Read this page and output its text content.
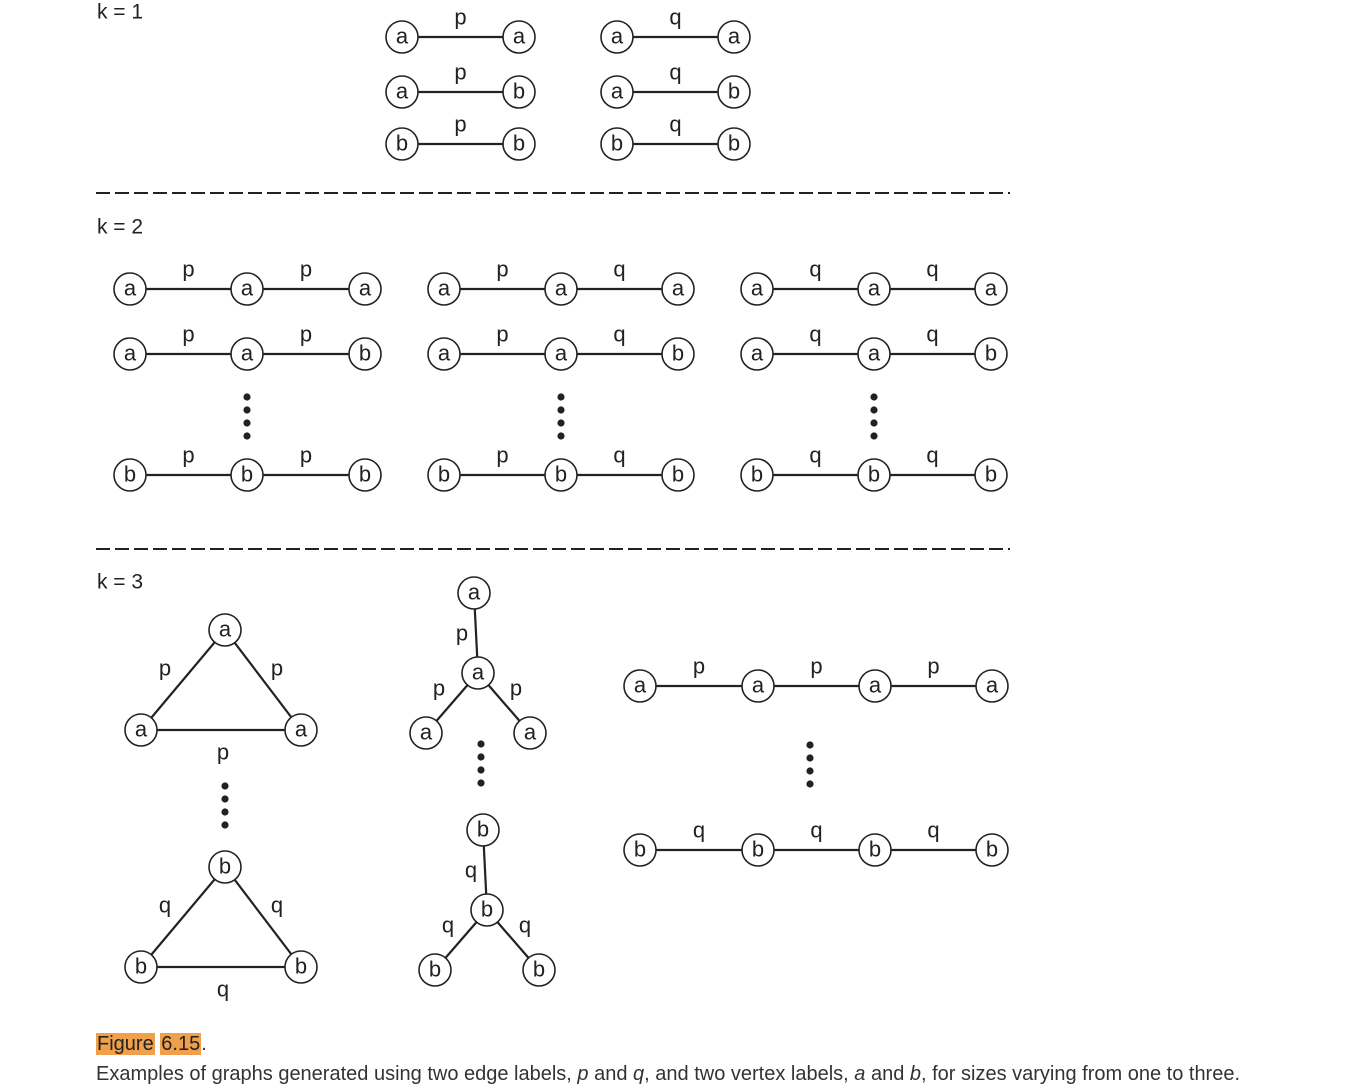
k = 1
k = 2
k = 3
p
a	a
p
a	b
p
b	b
q
a	a
q
a	b
q
b	b
p	p
a	a	a
p	p
a	a	b
p	p
b	b	b
p	q
a	a	a
p	q
a	a	b
p	q
b	b	b
q	q
a	a	a
q	q
a	a	b
q	q
b	b	b
a
a	a
p	p
p
b
b	b
q	q
q
a
a
a	a
p
p	p
b
b
b	b
q
q	q
p	p	p
a	a	a	a
q	q	q
b	b	b	b
Figure 6.15.
Examples of graphs generated using two edge labels, p and q, and two vertex labels, a and b, for sizes varying from one to three.
